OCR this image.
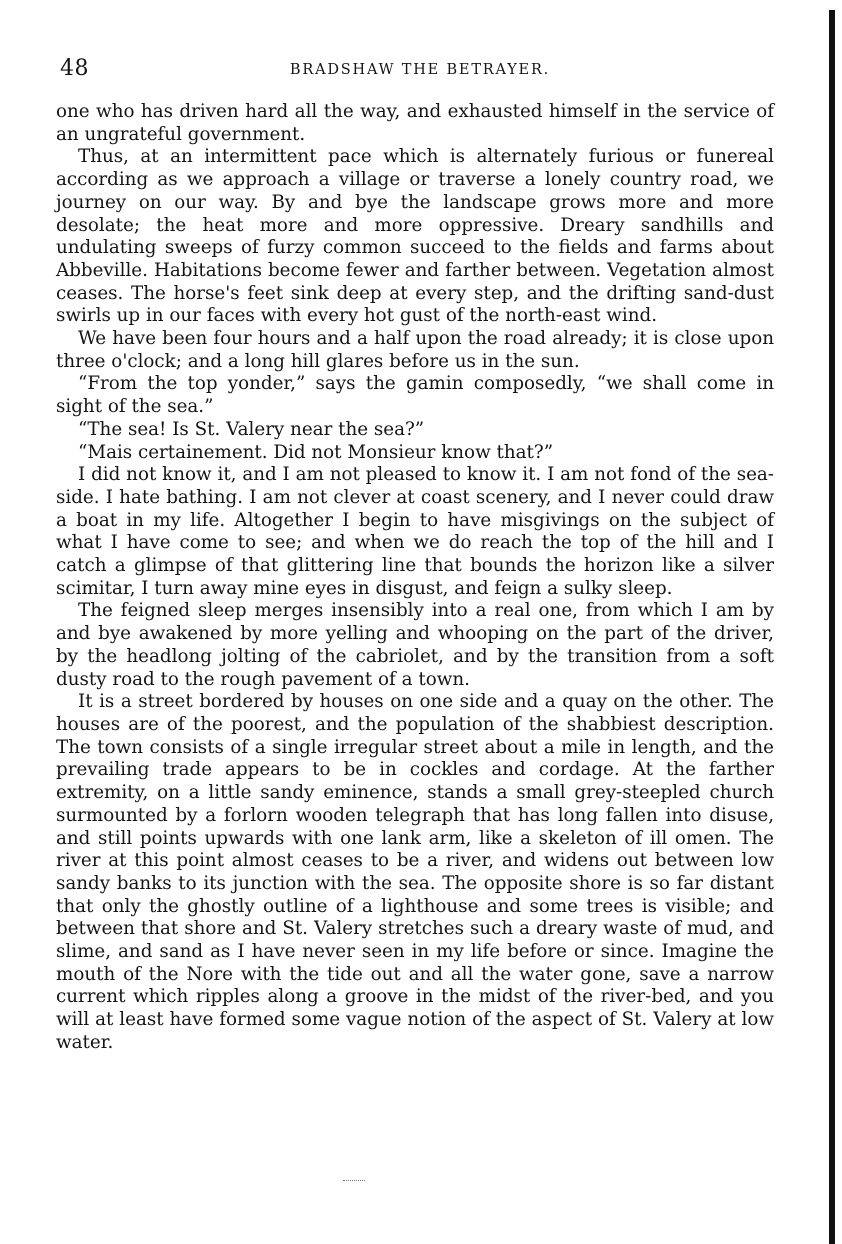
48	BRADSHAW THE BETRAYER.

one who has driven hard all the way, and exhausted himself in the service of an ungrateful government.

Thus, at an intermittent pace which is alternately furious or funereal according as we approach a village or traverse a lonely country road, we journey on our way. By and bye the landscape grows more and more desolate; the heat more and more oppressive. Dreary sandhills and undulating sweeps of furzy common succeed to the fields and farms about Abbeville. Habitations become fewer and farther between. Vegetation almost ceases. The horse's feet sink deep at every step, and the drifting sand-dust swirls up in our faces with every hot gust of the north-east wind.

We have been four hours and a half upon the road already; it is close upon three o'clock; and a long hill glares before us in the sun.

“From the top yonder,” says the gamin composedly, “we shall come in sight of the sea.”

“The sea! Is St. Valery near the sea?”

“Mais certainement. Did not Monsieur know that?”

I did not know it, and I am not pleased to know it. I am not fond of the sea-side. I hate bathing. I am not clever at coast scenery, and I never could draw a boat in my life. Altogether I begin to have misgivings on the subject of what I have come to see; and when we do reach the top of the hill and I catch a glimpse of that glittering line that bounds the horizon like a silver scimitar, I turn away mine eyes in disgust, and feign a sulky sleep.

The feigned sleep merges insensibly into a real one, from which I am by and bye awakened by more yelling and whooping on the part of the driver, by the headlong jolting of the cabriolet, and by the transition from a soft dusty road to the rough pavement of a town.

It is a street bordered by houses on one side and a quay on the other. The houses are of the poorest, and the population of the shabbiest description. The town consists of a single irregular street about a mile in length, and the prevailing trade appears to be in cockles and cordage. At the farther extremity, on a little sandy eminence, stands a small grey-steepled church surmounted by a forlorn wooden telegraph that has long fallen into disuse, and still points upwards with one lank arm, like a skeleton of ill omen. The river at this point almost ceases to be a river, and widens out between low sandy banks to its junction with the sea. The opposite shore is so far distant that only the ghostly outline of a lighthouse and some trees is visible; and between that shore and St. Valery stretches such a dreary waste of mud, and slime, and sand as I have never seen in my life before or since. Imagine the mouth of the Nore with the tide out and all the water gone, save a narrow current which ripples along a groove in the midst of the river-bed, and you will at least have formed some vague notion of the aspect of St. Valery at low water.
